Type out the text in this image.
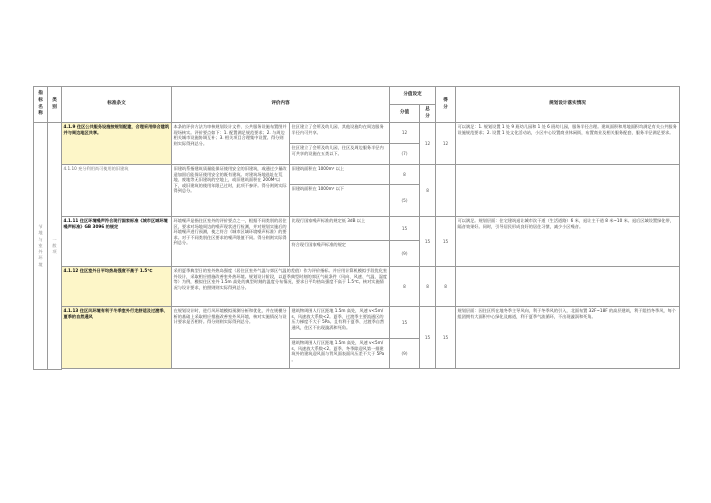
指标名称	类别	标准条文	评价内容		分值设定		得分	规划设计落实情况
					分值	总分		
节地与室外环境	一般项	4.1.9 住区公共服务设施按规划配建，合理采用综合建筑并与周边地区共享。	本条的评价方法为审核规划设计文件、公共服务设施布置图并现场核实。评价要点如下：1. 配置满足规范要求；2. 与周边相关城市设施协调互补；3. 相关项目合理集中设置。得分则则实际得到总分。	住区建立了会所及幼儿园、其他设施均在周边服务半径内可共享。	12	12	12	可以满足：1. 规划设置 1 处 9 班幼儿园和 1 处 6 班幼儿园，服务半径合理。建筑面积和用地面积均满足有关公共服务设施规范要求；2. 设置 1 处文化活动站，小区中心设置商业休闲街，布置商业及相关服务配套，服务半径满足要求。
				住区建立了会所及幼儿园，住区及周边服务半径内可共享的设施在五类以下。	(7)			
		4.1.10 充分利用尚可使用的旧建筑	旧建筑系指建筑质量能保证使用安全的旧建筑，或通过少量改造加固后能保证使用安全的既有建筑。对建筑场地选址在荒地、废地等无旧建筑的空地上，或旧建筑面积在 200M²以下，或旧建筑的使用年限已过时，此项不参评。得分则则实际得到总分。	旧建筑面积在 1000m² 以上	8	8		
				旧建筑面积在 1000m² 以下	(5)			
		4.1.11 住区环境噪声符合现行国家标准《城市区域环境噪声标准》GB 3096 的规定	环境噪声是指住区室外的评价要点之一，根据不同类别的居住区，要求对场地周边的噪声现状进行检测，并对规划实施后的环境噪声进行预测，使之符合《城市区域环境噪声标准》的要求。对于不同类别住区要求的噪声限值不同。得分则则实际得到总分。	比现行国家噪声标准的规定低 3dB 以上	15	15	15	可以满足。规划层面：住宅建筑退让城市次干道（生活道路）6 米，退让主干道 8 米~10 米。退后区域设置绿化带，隔音效果好。同时，引导居民形成良好的居住习惯，减少小区噪音。
				符合现行国家噪声标准的规定	(9)			
		4.1.12 住区室外日平均热岛强度不高于 1.5℃	采用夏季典型日的室外热岛强度（居住区室外气温与郊区气温的差值）作为评价指标。并应用计算机模拟手段优化室外设计，采取相应措施改善室外热环境。规划设计阶段，以夏季典型时刻的郊区气候条件（风向、风速、气温、湿度等）为例，模拟住区室外 1.5m 高处的典型时刻的温度分布情况，要求日平均热岛强度不高于 1.5℃。核对实施情况与设计要求，拍照则则实际得到总分。		8	8	8	
		4.1.13 住区风环境有利于冬季室外行走舒适及过渡季、夏季的自然通风	在规划设计时，进行风环境模拟预测分析和优化，并在规模分析的基础上采取相应措施改善室外风环境，核对实施情况与设计要求是否相符。得分则则实际得到总分。	建筑物周围人行区距地 1.5m 高处，风速 v<5m/s，风速放大系数<2。夏季、过渡季主要流通区的压力梯度不大于 5Pa。且有利于夏季、过渡季自然通风，住区不出现漩涡和死角。	15	15	15	规划层面：因住区所在地冬季主导风向，利于冬季风的引入，北面布置 32F~18F 的高层建筑，利于阻挡冬季风，每个组团拥有大面积中心绿化及廊道，利于夏季气流循环，不出现漩涡和死角。
				建筑物周围人行区距地 1.5m 高处，风速 v<5m/s，风速放大系数<2。夏季、冬季除迎风第一排建筑外的建筑迎风面与背风面表面风压差不大于 5Pa 。	(9)			
